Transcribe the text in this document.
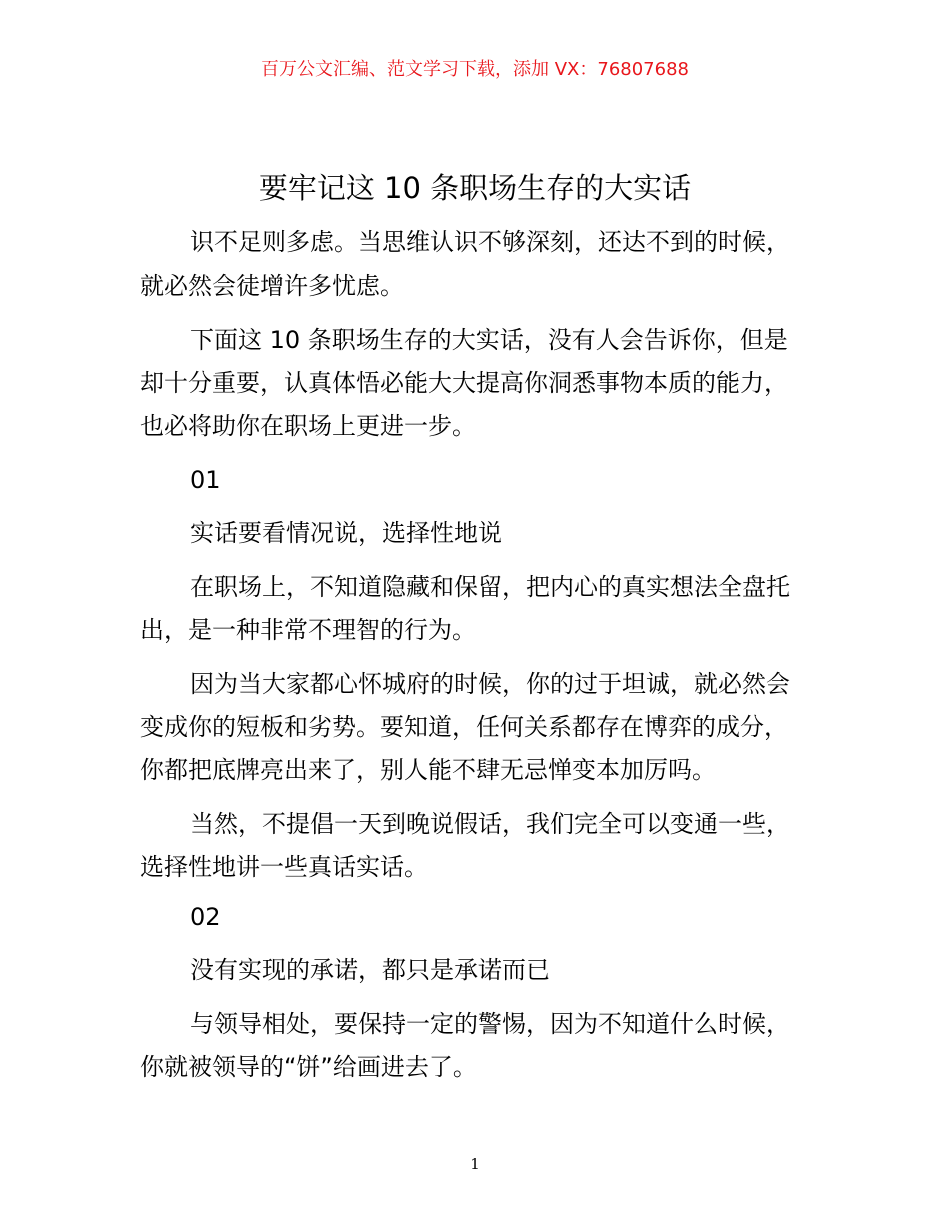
百万公文汇编、范文学习下载，添加 VX：76807688
要牢记这 10 条职场生存的大实话
识不足则多虑。当思维认识不够深刻，还达不到的时候，
就必然会徒增许多忧虑。
下面这 10 条职场生存的大实话，没有人会告诉你，但是
却十分重要，认真体悟必能大大提高你洞悉事物本质的能力，
也必将助你在职场上更进一步。
01
实话要看情况说，选择性地说
在职场上，不知道隐藏和保留，把内心的真实想法全盘托
出，是一种非常不理智的行为。
因为当大家都心怀城府的时候，你的过于坦诚，就必然会
变成你的短板和劣势。要知道，任何关系都存在博弈的成分，
你都把底牌亮出来了，别人能不肆无忌惮变本加厉吗。
当然，不提倡一天到晚说假话，我们完全可以变通一些，
选择性地讲一些真话实话。
02
没有实现的承诺，都只是承诺而已
与领导相处，要保持一定的警惕，因为不知道什么时候，
你就被领导的“饼”给画进去了。
1
